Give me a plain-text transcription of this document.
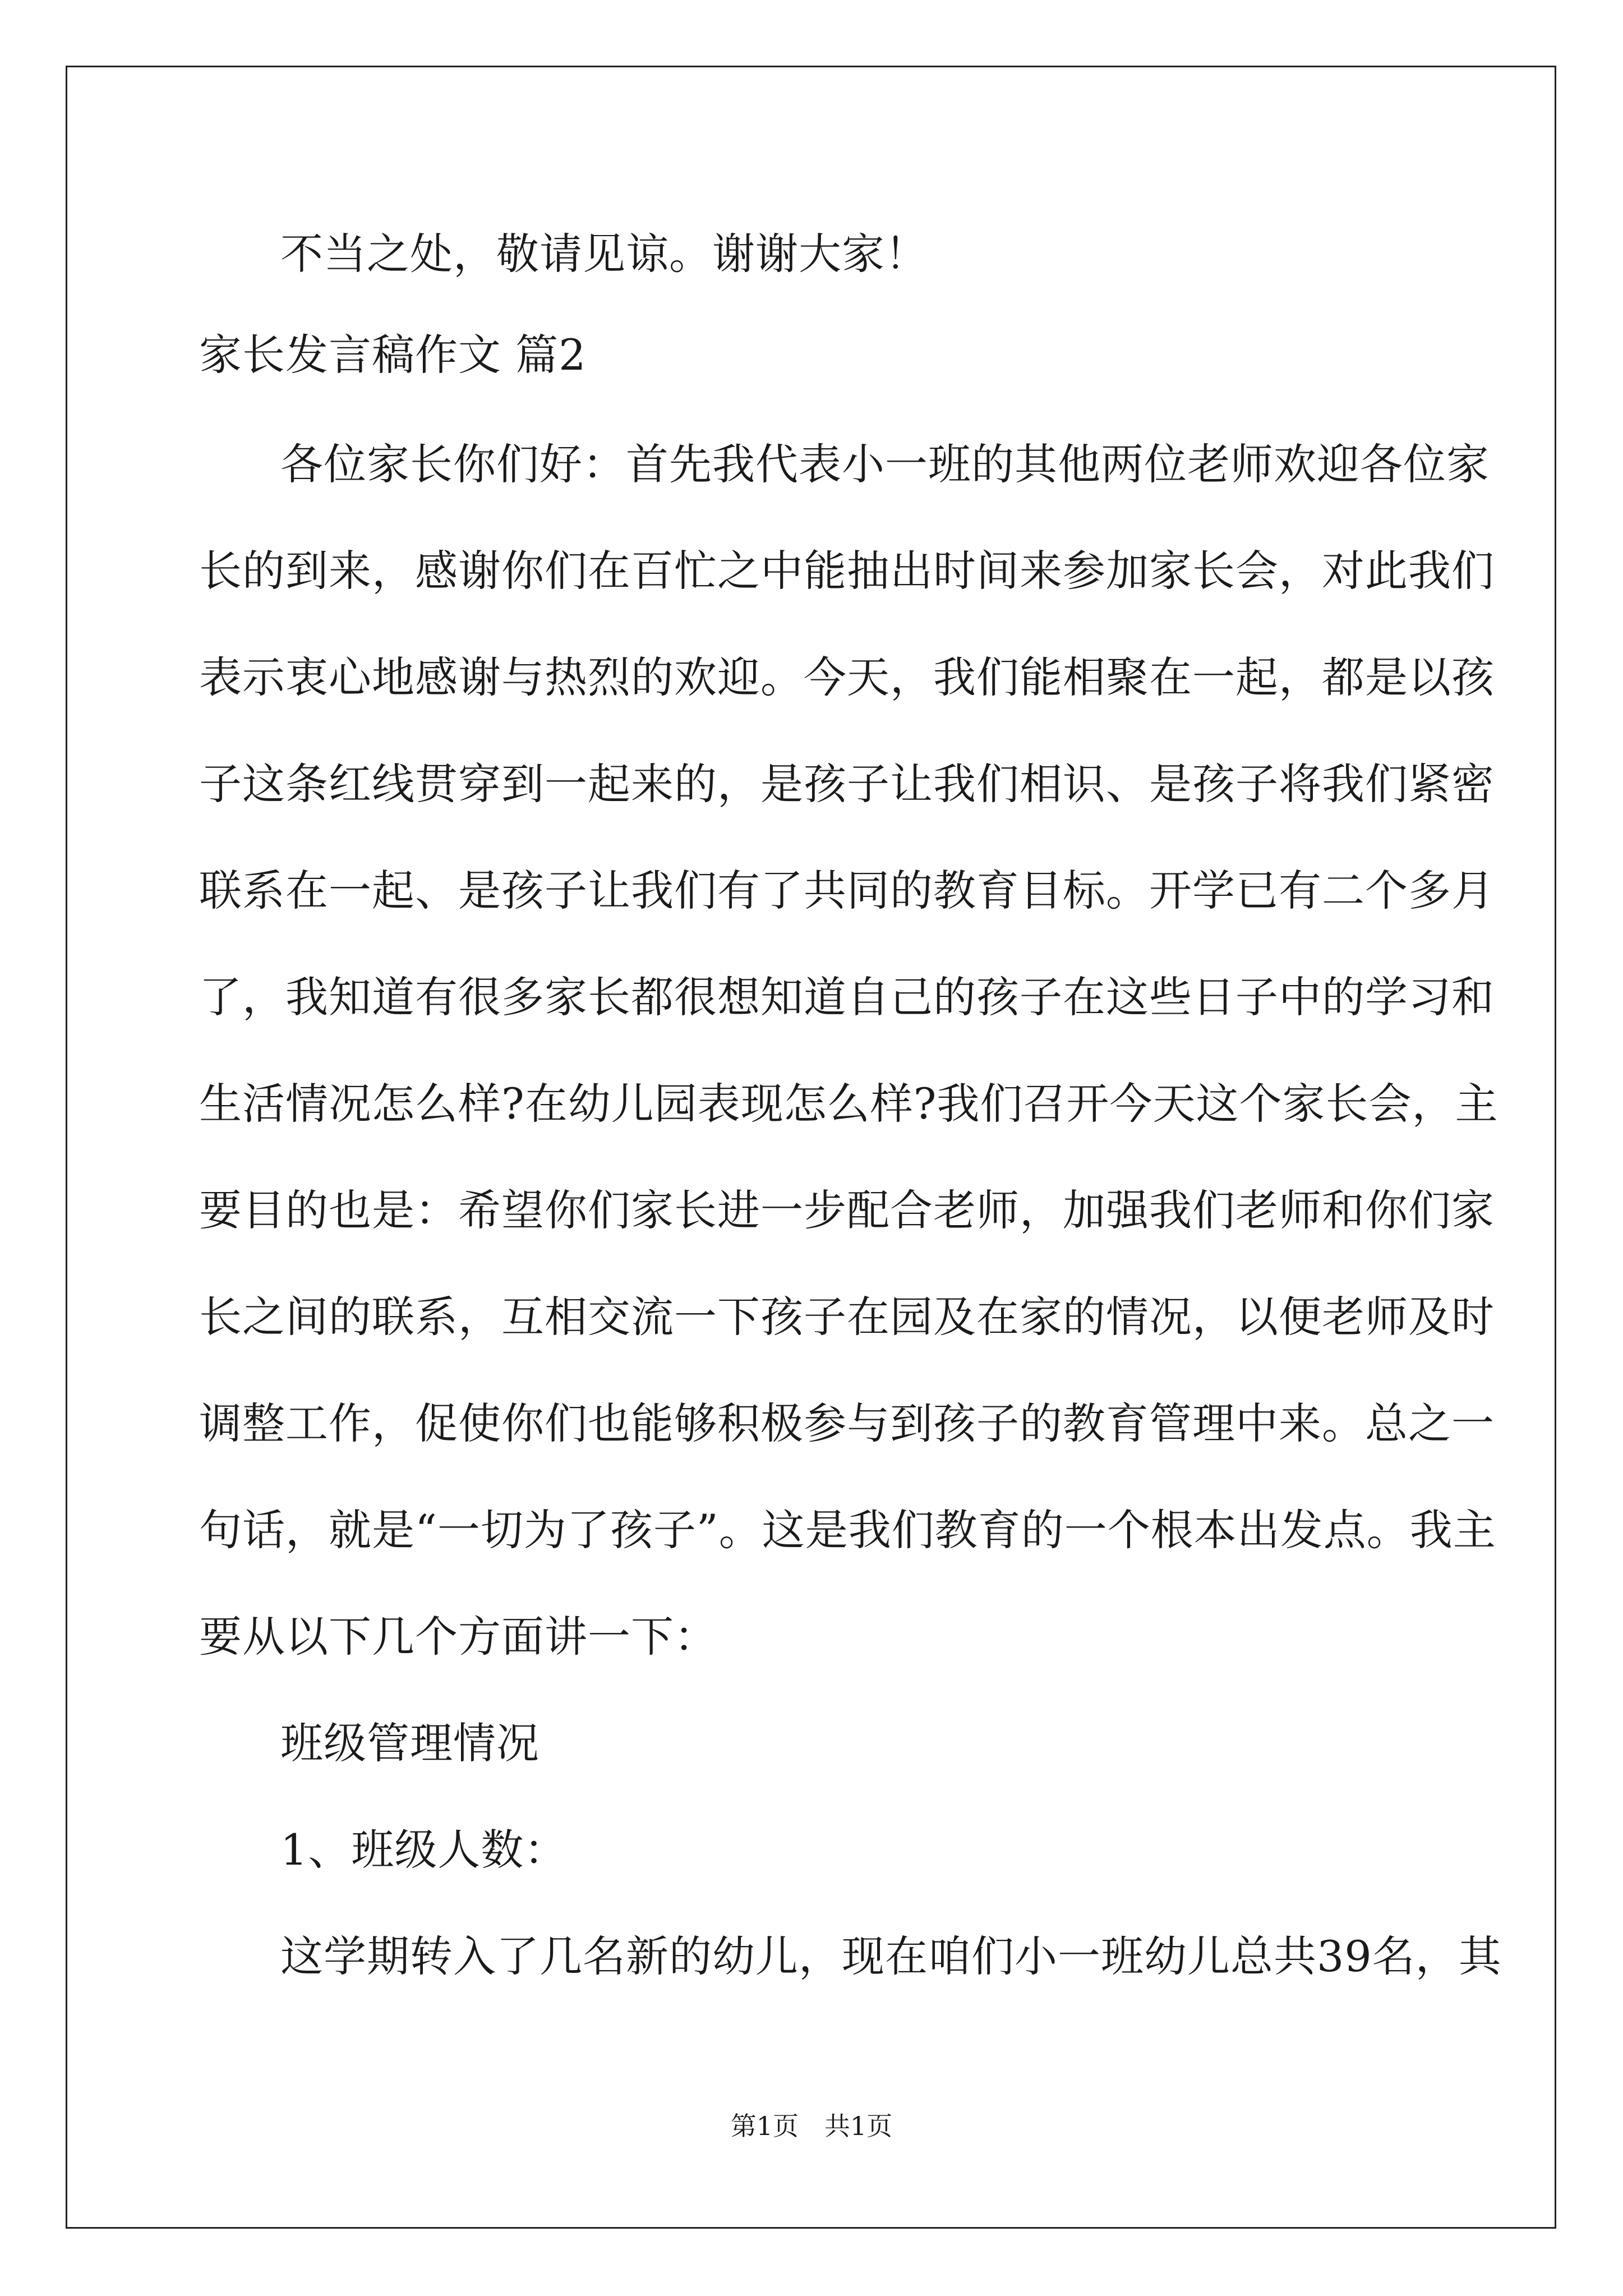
不当之处，敬请见谅。谢谢大家！
家长发言稿作文 篇2
各位家长你们好：首先我代表小一班的其他两位老师欢迎各位家
长的到来，感谢你们在百忙之中能抽出时间来参加家长会，对此我们
表示衷心地感谢与热烈的欢迎。今天，我们能相聚在一起，都是以孩
子这条红线贯穿到一起来的，是孩子让我们相识、是孩子将我们紧密
联系在一起、是孩子让我们有了共同的教育目标。开学已有二个多月
了，我知道有很多家长都很想知道自己的孩子在这些日子中的学习和
生活情况怎么样?在幼儿园表现怎么样?我们召开今天这个家长会，主
要目的也是：希望你们家长进一步配合老师，加强我们老师和你们家
长之间的联系，互相交流一下孩子在园及在家的情况，以便老师及时
调整工作，促使你们也能够积极参与到孩子的教育管理中来。总之一
句话，就是“一切为了孩子”。这是我们教育的一个根本出发点。我主
要从以下几个方面讲一下：
班级管理情况
1、班级人数：
这学期转入了几名新的幼儿，现在咱们小一班幼儿总共39名，其
第1页　共1页
